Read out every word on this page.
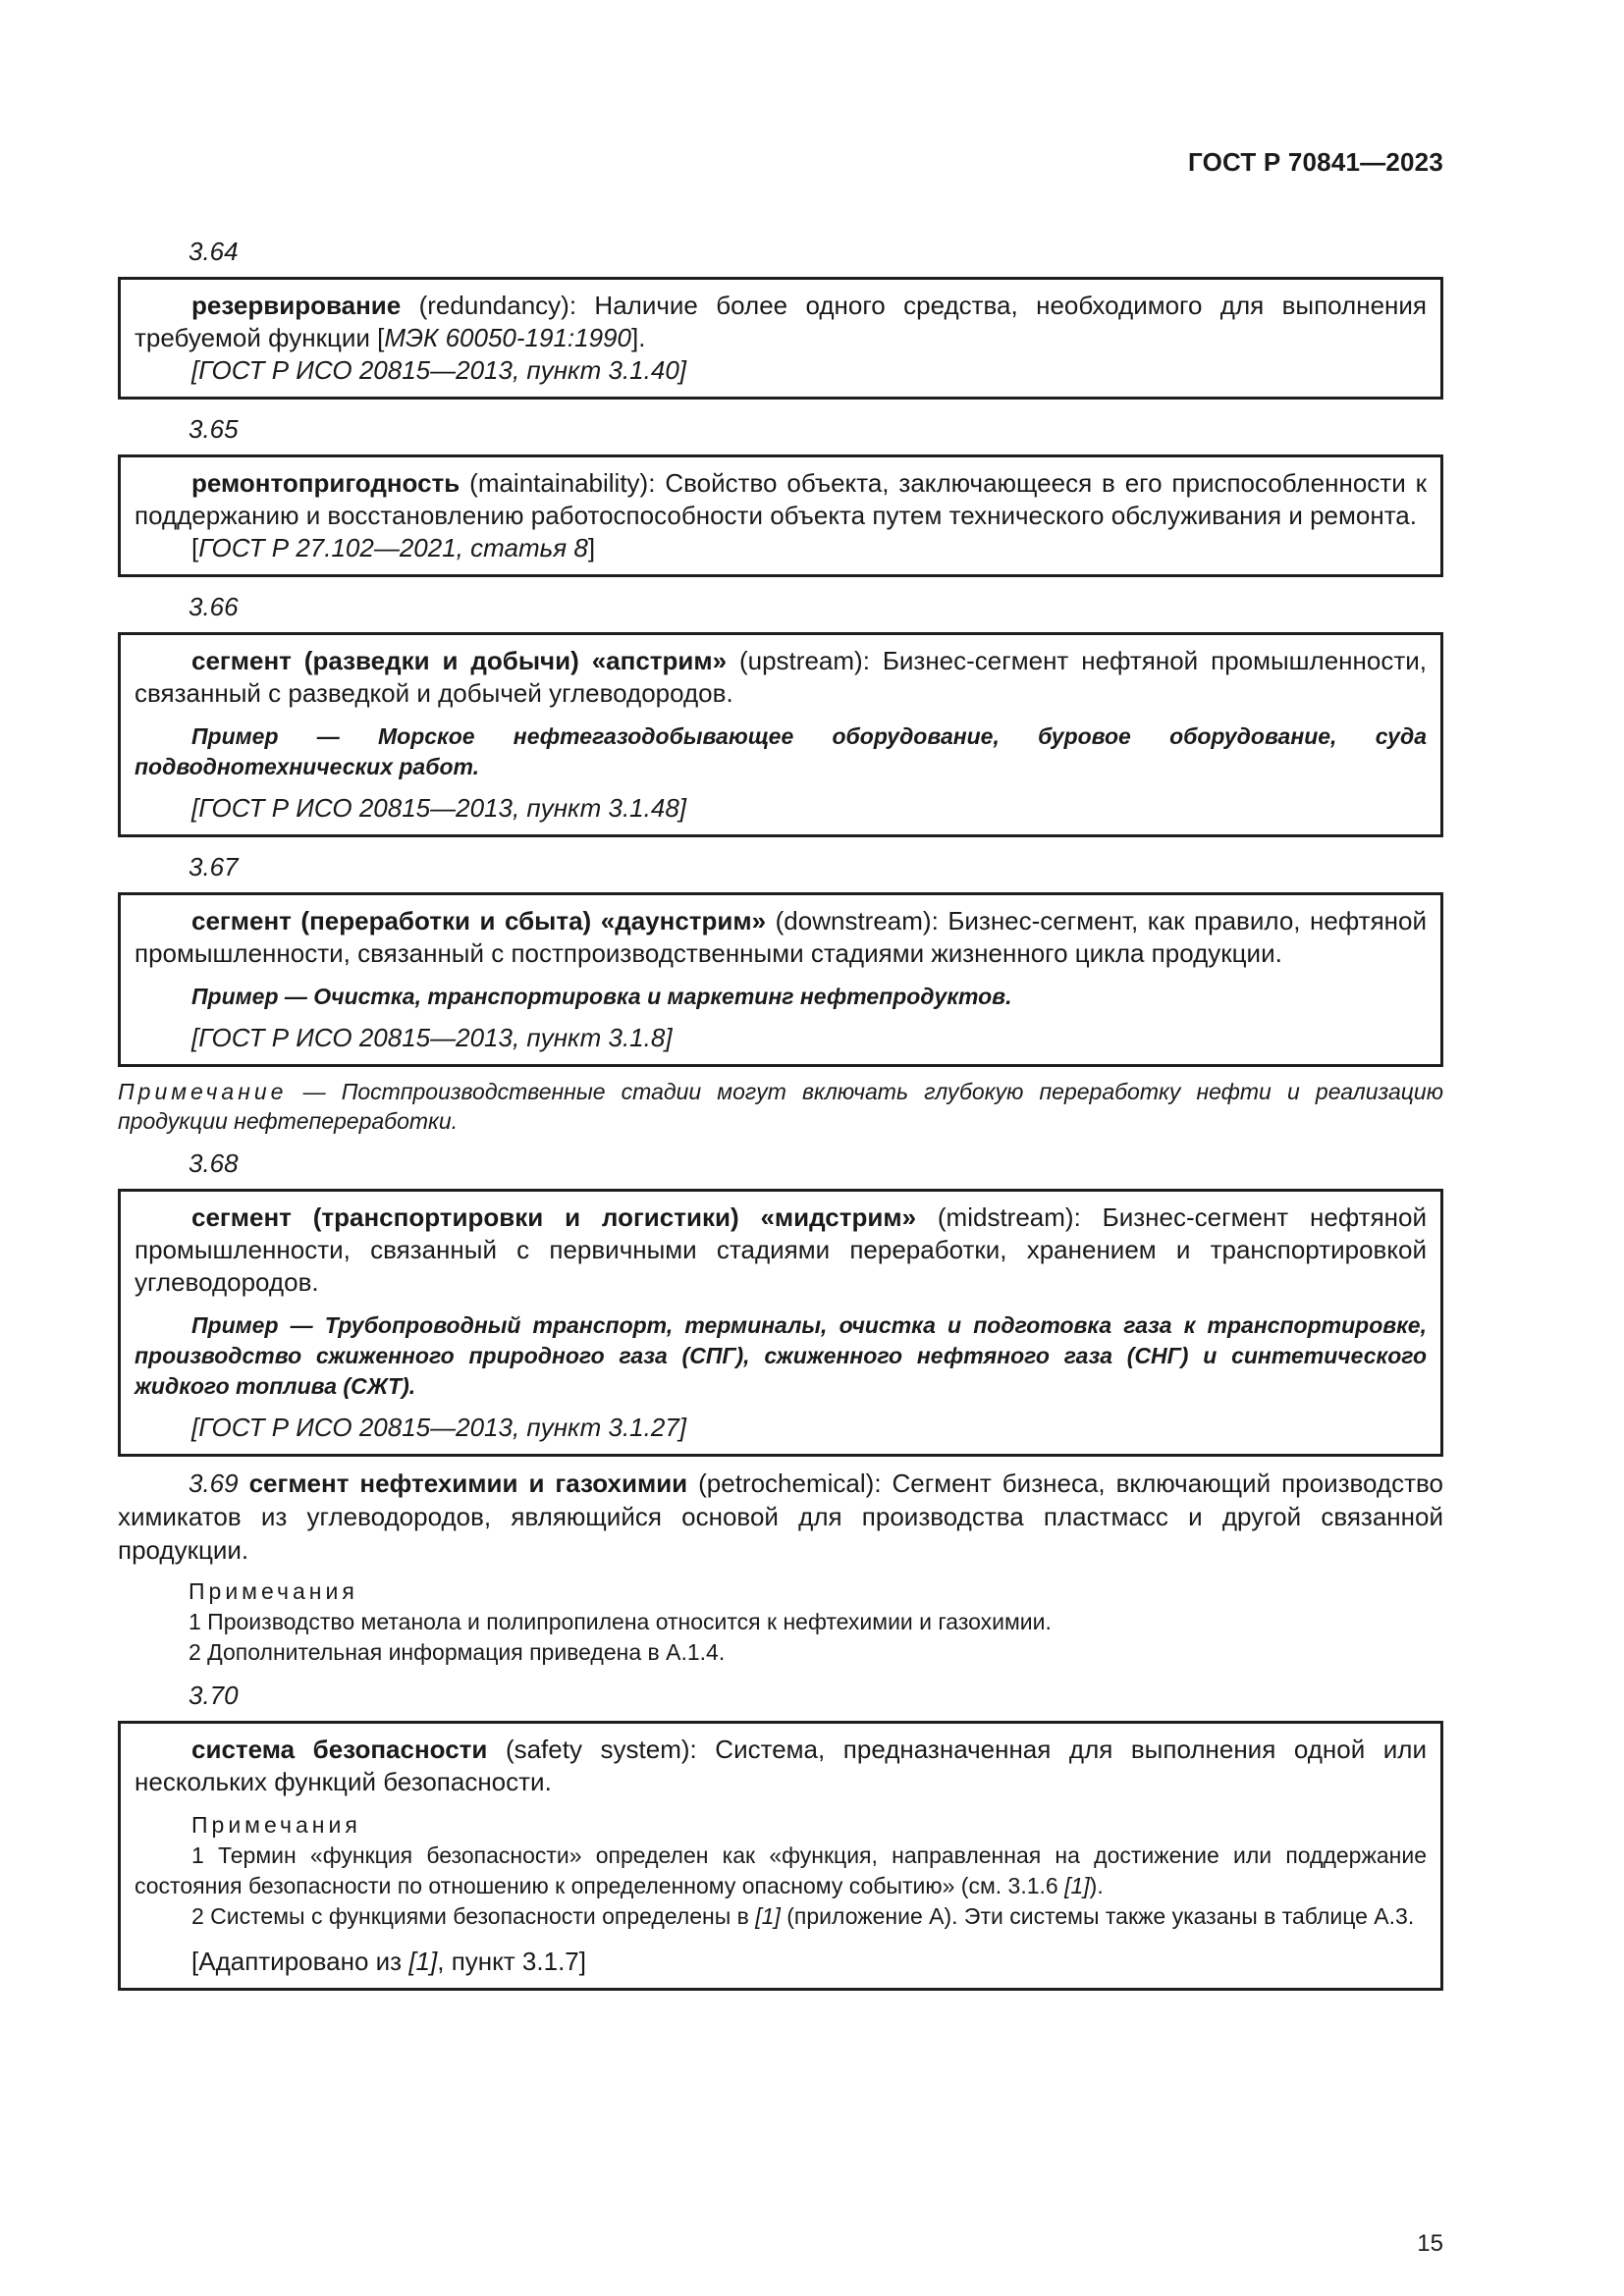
ГОСТ Р 70841—2023
3.64

резервирование (redundancy): Наличие более одного средства, необходимого для выполнения требуемой функции [МЭК 60050-191:1990].

[ГОСТ Р ИСО 20815—2013, пункт 3.1.40]

3.65

ремонтопригодность (maintainability): Свойство объекта, заключающееся в его приспособленности к поддержанию и восстановлению работоспособности объекта путем технического обслуживания и ремонта.

[ГОСТ Р 27.102—2021, статья 8]

3.66

сегмент (разведки и добычи) «апстрим» (upstream): Бизнес-сегмент нефтяной промышленности, связанный с разведкой и добычей углеводородов.

Пример — Морское нефтегазодобывающее оборудование, буровое оборудование, суда подводнотехнических работ.

[ГОСТ Р ИСО 20815—2013, пункт 3.1.48]

3.67

сегмент (переработки и сбыта) «даунстрим» (downstream): Бизнес-сегмент, как правило, нефтяной промышленности, связанный с постпроизводственными стадиями жизненного цикла продукции.

Пример — Очистка, транспортировка и маркетинг нефтепродуктов.

[ГОСТ Р ИСО 20815—2013, пункт 3.1.8]

Примечание — Постпроизводственные стадии могут включать глубокую переработку нефти и реализацию продукции нефтепереработки.
3.68

сегмент (транспортировки и логистики) «мидстрим» (midstream): Бизнес-сегмент нефтяной промышленности, связанный с первичными стадиями переработки, хранением и транспортировкой углеводородов.

Пример — Трубопроводный транспорт, терминалы, очистка и подготовка газа к транспортировке, производство сжиженного природного газа (СПГ), сжиженного нефтяного газа (СНГ) и синтетического жидкого топлива (СЖТ).

[ГОСТ Р ИСО 20815—2013, пункт 3.1.27]

3.69 сегмент нефтехимии и газохимии (petrochemical): Сегмент бизнеса, включающий производство химикатов из углеводородов, являющийся основой для производства пластмасс и другой связанной продукции.
Примечания
1 Производство метанола и полипропилена относится к нефтехимии и газохимии.
2 Дополнительная информация приведена в А.1.4.
3.70

система безопасности (safety system): Система, предназначенная для выполнения одной или нескольких функций безопасности.

Примечания

1 Термин «функция безопасности» определен как «функция, направленная на достижение или поддержание состояния безопасности по отношению к определенному опасному событию» (см. 3.1.6 [1]).

2 Системы с функциями безопасности определены в [1] (приложение А). Эти системы также указаны в таблице А.3.

[Адаптировано из [1], пункт 3.1.7]

15
